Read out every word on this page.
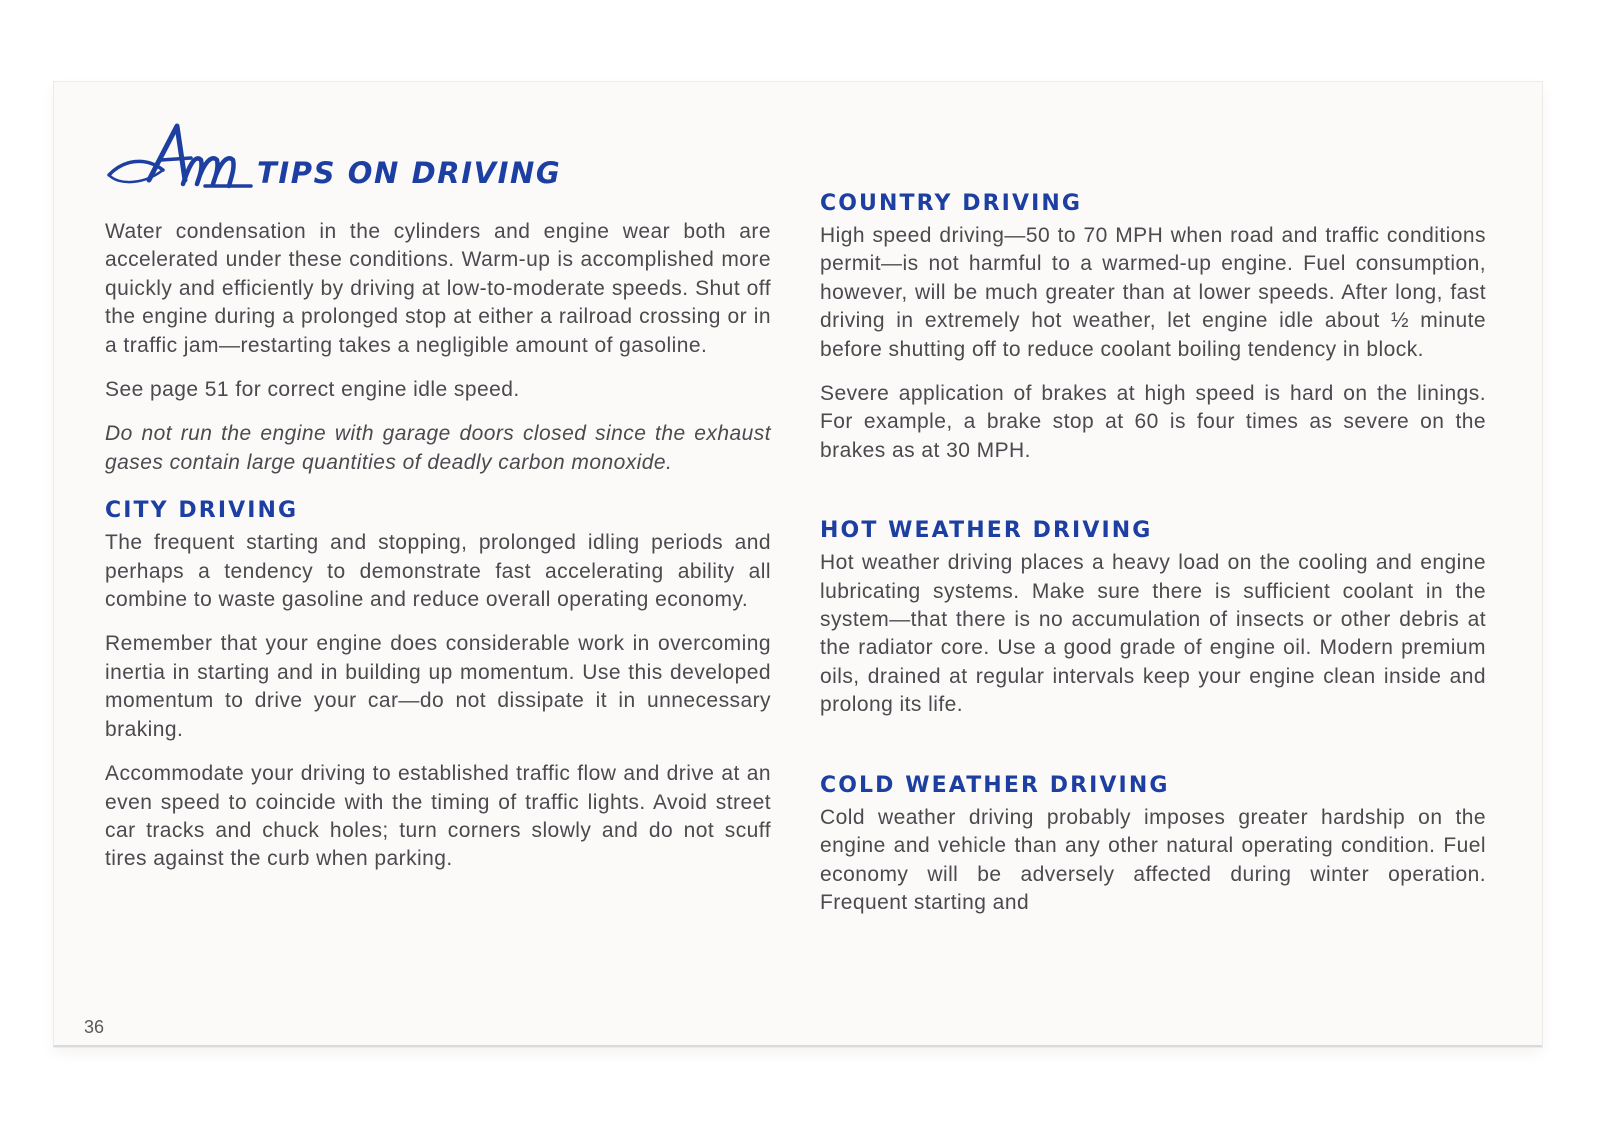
TIPS ON DRIVING

Water condensation in the cylinders and engine wear both are accelerated under these conditions. Warm-up is accomplished more quickly and efficiently by driving at low-to-moderate speeds. Shut off the engine during a prolonged stop at either a railroad crossing or in a traffic jam—restarting takes a negligible amount of gasoline.

See page 51 for correct engine idle speed.

Do not run the engine with garage doors closed since the exhaust gases contain large quantities of deadly carbon monoxide.

CITY DRIVING

The frequent starting and stopping, prolonged idling periods and perhaps a tendency to demonstrate fast accelerating ability all combine to waste gasoline and reduce overall operating economy.

Remember that your engine does considerable work in overcoming inertia in starting and in building up momentum. Use this developed momentum to drive your car—do not dissipate it in unnecessary braking.

Accommodate your driving to established traffic flow and drive at an even speed to coincide with the timing of traffic lights. Avoid street car tracks and chuck holes; turn corners slowly and do not scuff tires against the curb when parking.

COUNTRY DRIVING

High speed driving—50 to 70 MPH when road and traffic conditions permit—is not harmful to a warmed-up engine. Fuel consumption, however, will be much greater than at lower speeds. After long, fast driving in extremely hot weather, let engine idle about ½ minute before shutting off to reduce coolant boiling tendency in block.

Severe application of brakes at high speed is hard on the linings. For example, a brake stop at 60 is four times as severe on the brakes as at 30 MPH.

HOT WEATHER DRIVING

Hot weather driving places a heavy load on the cooling and engine lubricating systems. Make sure there is sufficient coolant in the system—that there is no accumulation of insects or other debris at the radiator core. Use a good grade of engine oil. Modern premium oils, drained at regular intervals keep your engine clean inside and prolong its life.

COLD WEATHER DRIVING

Cold weather driving probably imposes greater hardship on the engine and vehicle than any other natural operating condition. Fuel economy will be adversely affected during winter operation. Frequent starting and

36
